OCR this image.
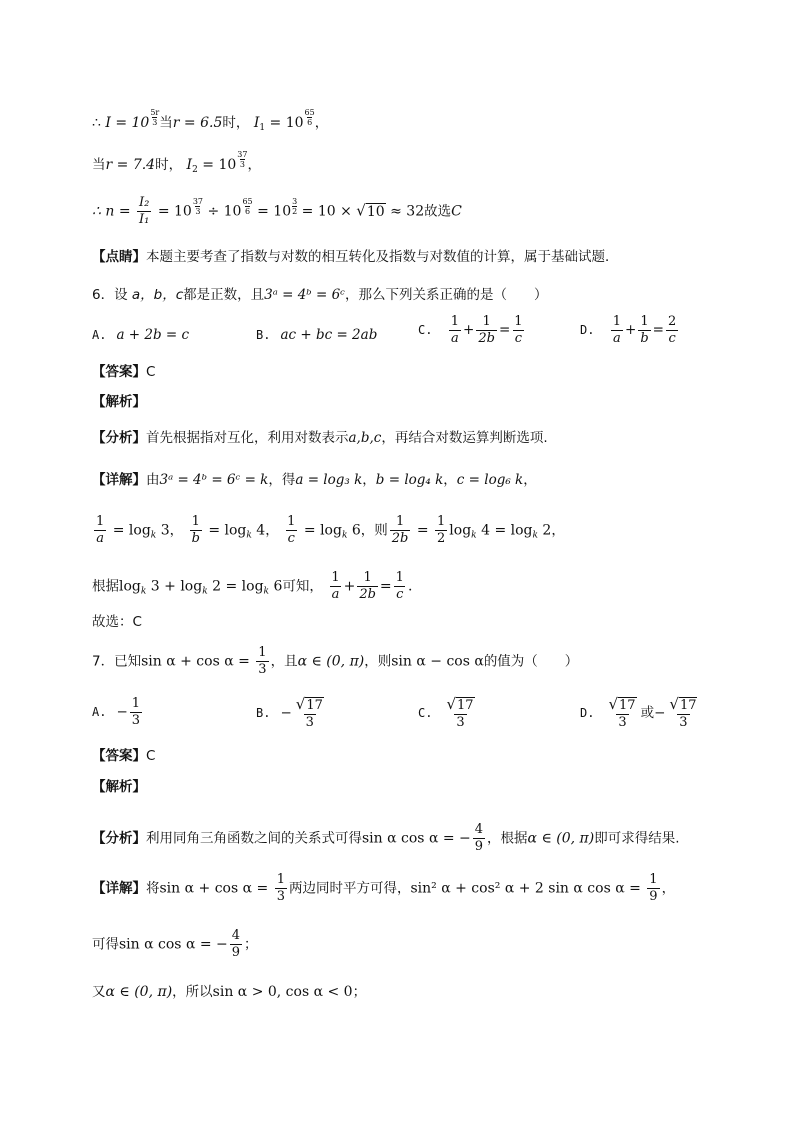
∴ $I = 10 \frac{5r}{3}$ 当r = 6.5时， $I_1 = 10 \frac{65}{6}$ ，
当r = 7.4时， $I_2 = 10 \frac{37}{3}$ ，
∴ $n = \frac{\text{I₂}}{\text{I₁}} = 10 \frac{37}{3} \div 10 \frac{65}{6} = 10 \frac{3}{2} = 10 \times √10 \approx 32$故选C
【点睛】本题主要考查了指数与对数的相互转化及指数与对数值的计算，属于基础试题．
6．设 a，b，c都是正数，且3ᵃ = 4ᵇ = 6ᶜ，那么下列关系正确的是（　　）
A. a + 2b = c	B. ac + bc = 2ab	C. $\frac{1}{a} + \frac{1}{2b} = \frac{1}{c}$	D. $\frac{1}{a} + \frac{1}{b} = \frac{2}{c}$
【答案】C
【解析】
【分析】首先根据指对互化，利用对数表示a,b,c，再结合对数运算判断选项.
【详解】由3ᵃ = 4ᵇ = 6ᶜ = k，得a = log₃ k，b = log₄ k，c = log₆ k，
$\frac{1}{a} = \log_k 3$， $\frac{1}{b} = \log_k 4$， $\frac{1}{c} = \log_k 6$，则 $\frac{1}{2b} = \frac{1}{2} \log_k 4 = \log_k 2$，
根据$\log_k 3 + \log_k 2 = \log_k 6$可知， $\frac{1}{a} + \frac{1}{2b} = \frac{1}{c}$ .
故选：C
7．已知$\sin \alpha + \cos \alpha = \frac{1}{3}$ ，且α ∈ (0, π)，则sin α − cos α的值为（　　）
A. − $\frac{1}{3}$	B. − $\frac{√17}{3}$	C. $\frac{√17}{3}$	D. $\frac{√17}{3}$ 或− $\frac{√17}{3}$
【答案】C
【解析】
【分析】利用同角三角函数之间的关系式可得sin α cos α = − $\frac{4}{9}$ ，根据α ∈ (0, π)即可求得结果.
【详解】将$\sin \alpha + \cos \alpha = \frac{1}{3}$ 两边同时平方可得，sin² α + cos² α + 2 sin α $\cos \alpha = \frac{1}{9}$ ，
可得sin α cos α = − $\frac{4}{9}$ ；
又α ∈ (0, π)，所以sin α > 0, cos α < 0；
